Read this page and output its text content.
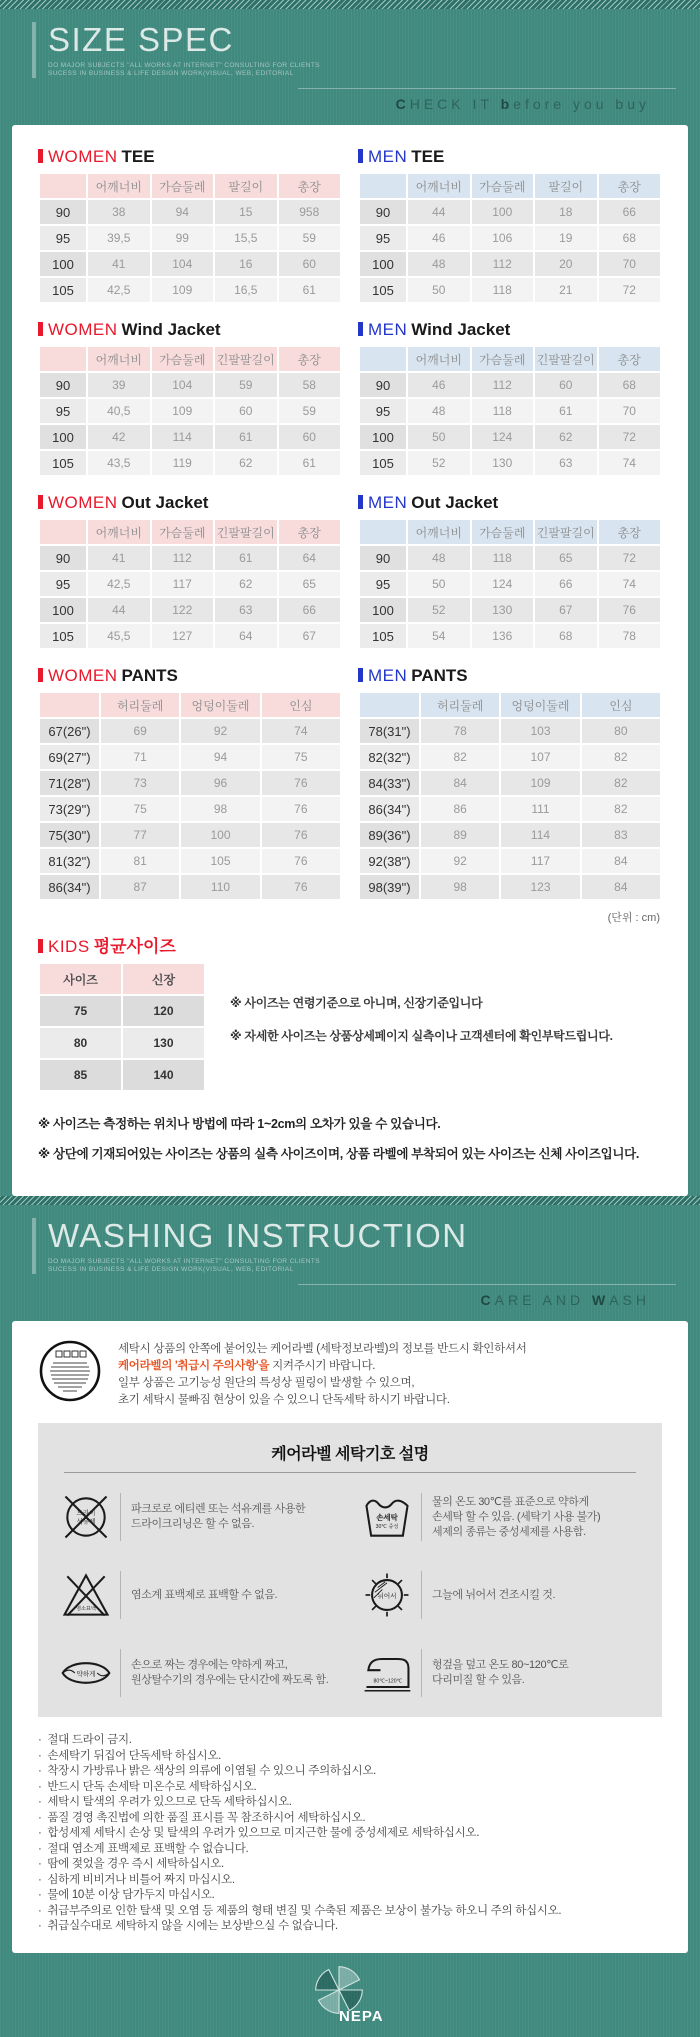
SIZE SPEC
DO MAJOR SUBJECTS "ALL WORKS AT INTERNET" CONSULTING FOR CLIENTS
SUCESS IN BUSINESS & LIFE DESIGN WORK(VISUAL, WEB, EDITORIAL
CHECK IT before you buy
WOMEN TEE
	어깨너비	가슴둘레	팔길이	총장
90	38	94	15	958
95	39,5	99	15,5	59
100	41	104	16	60
105	42,5	109	16,5	61
MEN TEE
	어깨너비	가슴둘레	팔길이	총장
90	44	100	18	66
95	46	106	19	68
100	48	112	20	70
105	50	118	21	72
WOMEN Wind Jacket
	어깨너비	가슴둘레	긴팔팔길이	총장
90	39	104	59	58
95	40,5	109	60	59
100	42	114	61	60
105	43,5	119	62	61
MEN Wind Jacket
	어깨너비	가슴둘레	긴팔팔길이	총장
90	46	112	60	68
95	48	118	61	70
100	50	124	62	72
105	52	130	63	74
WOMEN Out Jacket
	어깨너비	가슴둘레	긴팔팔길이	총장
90	41	112	61	64
95	42,5	117	62	65
100	44	122	63	66
105	45,5	127	64	67
MEN Out Jacket
	어깨너비	가슴둘레	긴팔팔길이	총장
90	48	118	65	72
95	50	124	66	74
100	52	130	67	76
105	54	136	68	78
WOMEN PANTS
	허리둘레	엉덩이둘레	인심
67(26")	69	92	74
69(27")	71	94	75
71(28")	73	96	76
73(29")	75	98	76
75(30")	77	100	76
81(32")	81	105	76
86(34")	87	110	76
MEN PANTS
	허리둘레	엉덩이둘레	인심
78(31")	78	103	80
82(32")	82	107	82
84(33")	84	109	82
86(34")	86	111	82
89(36")	89	114	83
92(38")	92	117	84
98(39")	98	123	84
(단위 : cm)
KIDS 평균사이즈
사이즈	신장
75	120
80	130
85	140
※ 사이즈는 연령기준으로 아니며, 신장기준입니다
※ 자세한 사이즈는 상품상세페이지 실측이나 고객센터에 확인부탁드립니다.
※ 사이즈는 측정하는 위치나 방법에 따라 1~2cm의 오차가 있을 수 있습니다.
※ 상단에 기재되어있는 사이즈는 상품의 실측 사이즈이며, 상품 라벨에 부착되어 있는 사이즈는 신체 사이즈입니다.
WASHING INSTRUCTION
DO MAJOR SUBJECTS "ALL WORKS AT INTERNET" CONSULTING FOR CLIENTS
SUCESS IN BUSINESS & LIFE DESIGN WORK(VISUAL, WEB, EDITORIAL
CARE AND WASH
세탁시 상품의 안쪽에 붙어있는 케어라벨 (세탁정보라벨)의 정보를 반드시 확인하셔서
케어라벨의 '취급시 주의사항'을 지켜주시기 바랍니다.
일부 상품은 고기능성 원단의 특성상 필링이 발생할 수 있으며,
초기 세탁시 물빠짐 현상이 있을 수 있으니 단독세탁 하시기 바랍니다.
케어라벨 세탁기호 설명
드라이
석유계
파크로로 에티렌 또는 석유계를 사용한
드라이크리닝은 할 수 없음.
손세탁
30℃ 중성
물의 온도 30℃를 표준으로 약하게
손세탁 할 수 있음. (세탁기 사용 불가)
세제의 종류는 중성세제를 사용함.
염소표백
염소계 표백제로 표백할 수 없음.	뉘어서	그늘에 뉘어서 건조시킬 것.
약하게
손으로 짜는 경우에는 약하게 짜고,
원상탈수기의 경우에는 단시간에 짜도록 함.	80℃~120℃
헝겊을 덮고 온도 80~120℃로
다리미질 할 수 있음.
·  절대 드라이 금지.
·  손세탁기 뒤집어 단독세탁 하십시오.
·  착장시 가방류나 밝은 색상의 의류에 이염될 수 있으니 주의하십시오.
·  반드시 단독 손세탁 미온수로 세탁하십시오.
·  세탁시 탈색의 우려가 있으므로 단독 세탁하십시오.
·  품질 경영 촉진법에 의한 품질 표시를 꼭 참조하시어 세탁하십시오.
·  합성세제 세탁시 손상 및 탈색의 우려가 있으므로 미지근한 물에 중성세제로 세탁하십시오.
·  절대 염소계 표백제로 표백할 수 없습니다.
·  땀에 젖었을 경우 즉시 세탁하십시오.
·  심하게 비비거나 비틀어 짜지 마십시오.
·  물에 10분 이상 담가두지 마십시오.
·  취급부주의로 인한 탈색 및 오염 등 제품의 형태 변질 및 수축된 제품은 보상이 불가능 하오니 주의 하십시오.
·  취급실수대로 세탁하지 않을 시에는 보상받으실 수 없습니다.
NEPA
